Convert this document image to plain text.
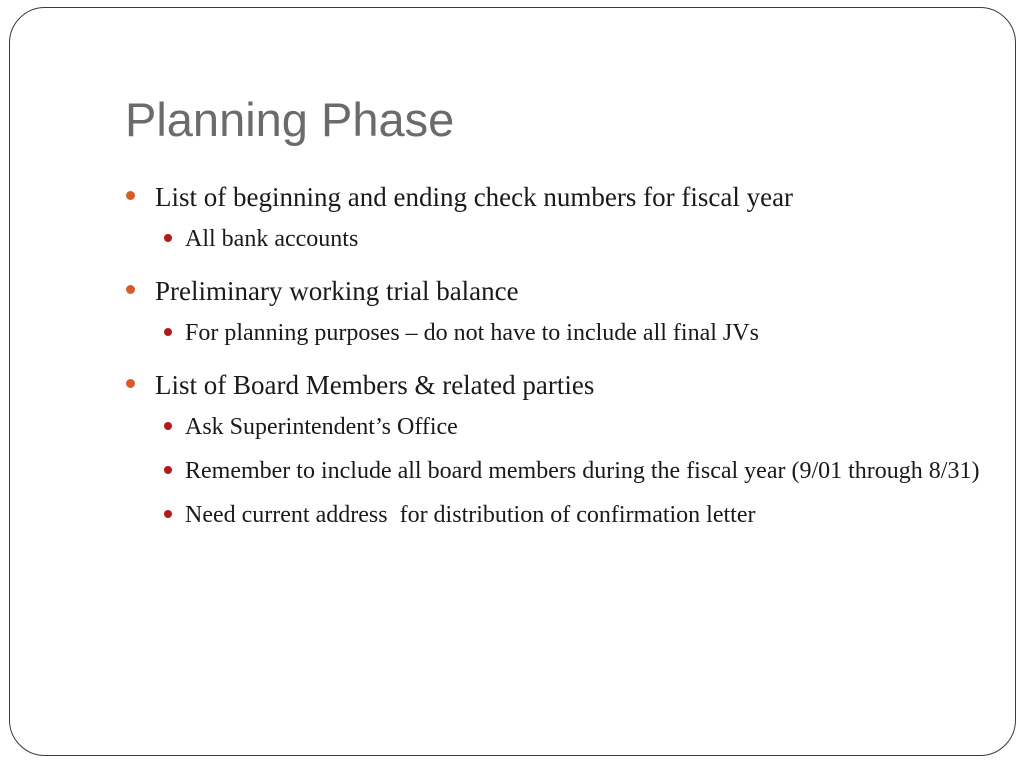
Planning Phase
List of beginning and ending check numbers for fiscal year
All bank accounts
Preliminary working trial balance
For planning purposes – do not have to include all final JVs
List of Board Members & related parties
Ask Superintendent’s Office
Remember to include all board members during the fiscal year (9/01 through 8/31)
Need current address  for distribution of confirmation letter
